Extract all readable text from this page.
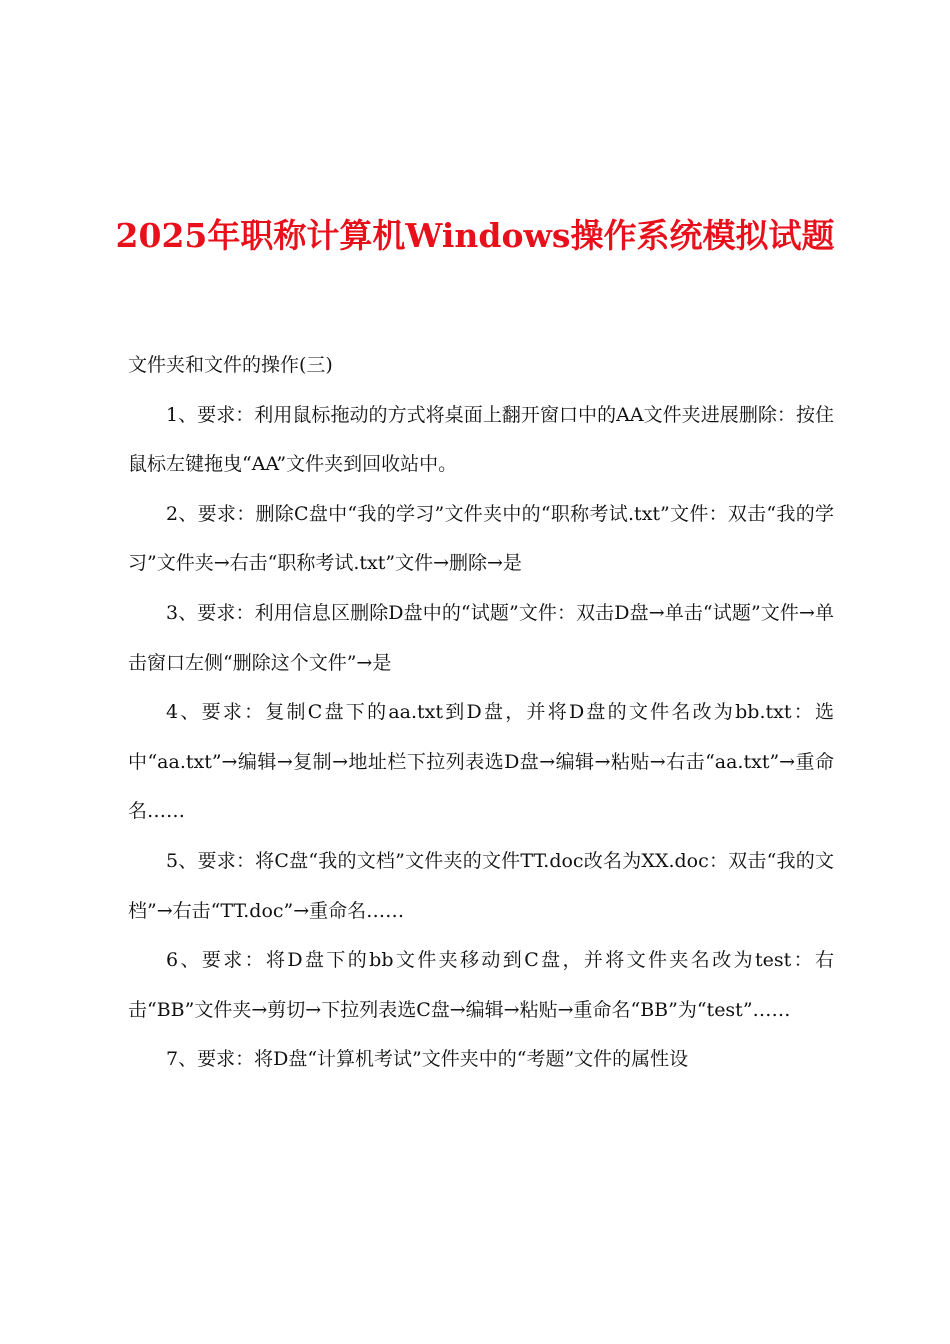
2025年职称计算机Windows操作系统模拟试题

文件夹和文件的操作(三)

1、要求：利用鼠标拖动的方式将桌面上翻开窗口中的AA文件夹进展删除：按住鼠标左键拖曳“AA”文件夹到回收站中。

2、要求：删除C盘中“我的学习”文件夹中的“职称考试.txt”文件：双击“我的学习”文件夹→右击“职称考试.txt”文件→删除→是

3、要求：利用信息区删除D盘中的“试题”文件：双击D盘→单击“试题”文件→单击窗口左侧“删除这个文件”→是

4、要求：复制C盘下的aa.txt到D盘，并将D盘的文件名改为bb.txt：选中“aa.txt”→编辑→复制→地址栏下拉列表选D盘→编辑→粘贴→右击“aa.txt”→重命名……

5、要求：将C盘“我的文档”文件夹的文件TT.doc改名为XX.doc：双击“我的文档”→右击“TT.doc”→重命名……

6、要求：将D盘下的bb文件夹移动到C盘，并将文件夹名改为test：右击“BB”文件夹→剪切→下拉列表选C盘→编辑→粘贴→重命名“BB”为“test”……

7、要求：将D盘“计算机考试”文件夹中的“考题”文件的属性设
